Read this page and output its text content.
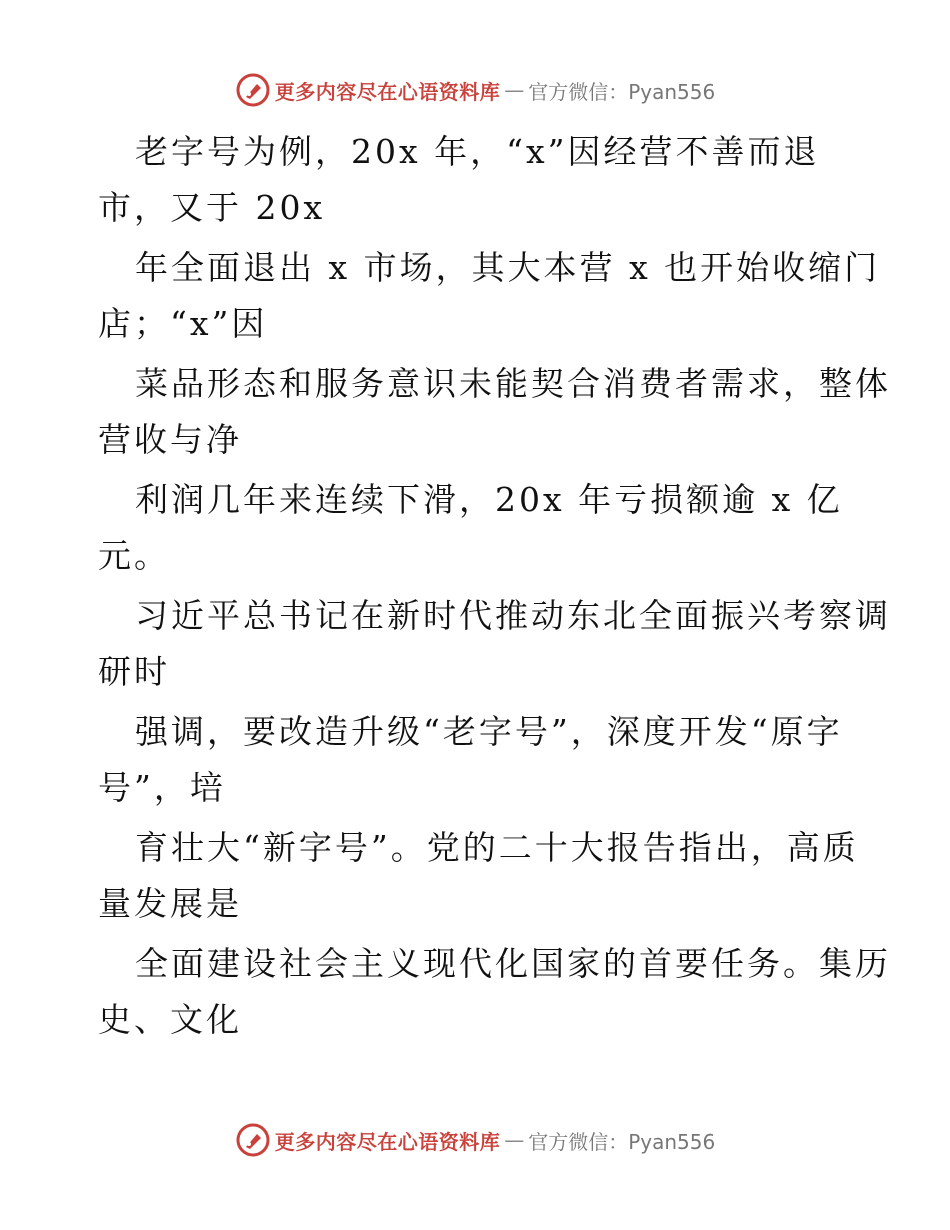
更多内容尽在心语资料库 — 官方微信：Pyan556
老字号为例，20x 年，“x”因经营不善而退
市，又于 20x
年全面退出 x 市场，其大本营 x 也开始收缩门
店；“x”因
菜品形态和服务意识未能契合消费者需求，整体
营收与净
利润几年来连续下滑，20x 年亏损额逾 x 亿
元。
习近平总书记在新时代推动东北全面振兴考察调
研时
强调，要改造升级“老字号”，深度开发“原字
号”，培
育壮大“新字号”。党的二十大报告指出，高质
量发展是
全面建设社会主义现代化国家的首要任务。集历
史、文化
更多内容尽在心语资料库 — 官方微信：Pyan556
